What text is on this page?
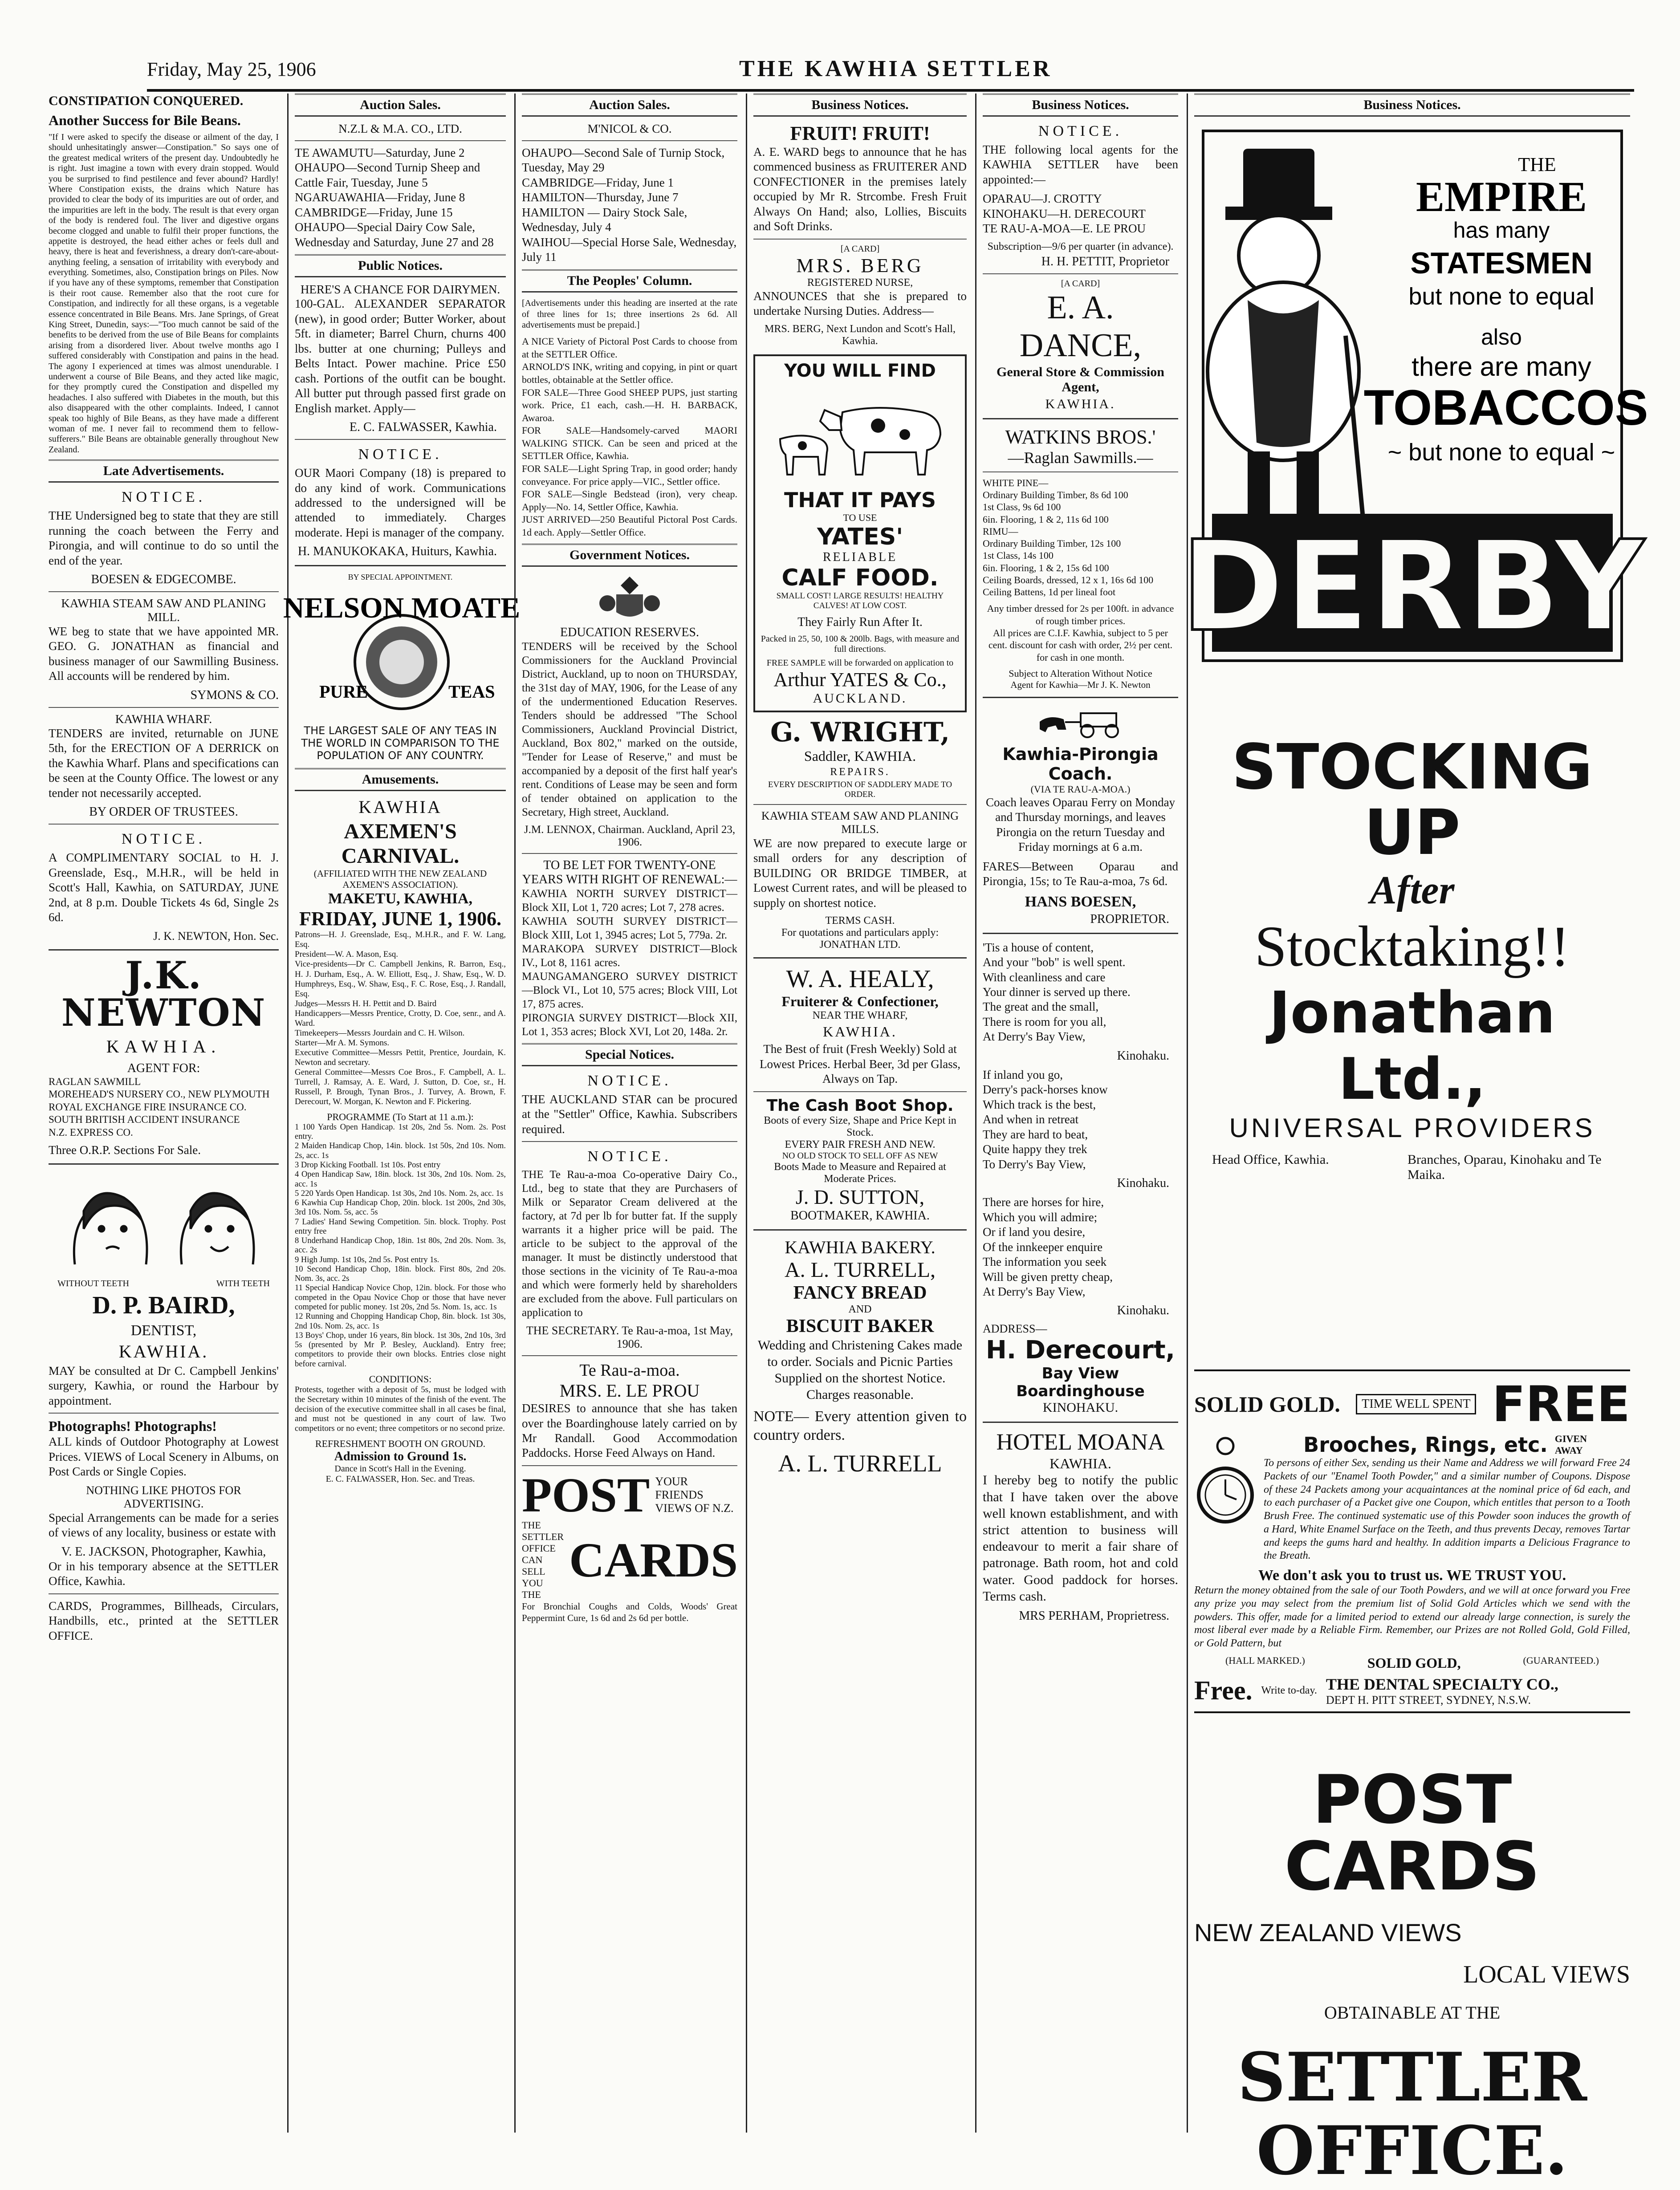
Friday, May 25, 1906	THE KAWHIA SETTLER
CONSTIPATION CONQUERED.
Another Success for Bile Beans.

"If I were asked to specify the disease or ailment of the day, I should unhesitatingly answer—Constipation." So says one of the greatest medical writers of the present day. Undoubtedly he is right. Just imagine a town with every drain stopped. Would you be surprised to find pestilence and fever abound? Hardly! Where Constipation exists, the drains which Nature has provided to clear the body of its impurities are out of order, and the impurities are left in the body. The result is that every organ of the body is rendered foul. The liver and digestive organs become clogged and unable to fulfil their proper functions, the appetite is destroyed, the head either aches or feels dull and heavy, there is heat and feverishness, a dreary don't-care-about-anything feeling, a sensation of irritability with everybody and everything. Sometimes, also, Constipation brings on Piles. Now if you have any of these symptoms, remember that Constipation is their root cause. Remember also that the root cure for Constipation, and indirectly for all these organs, is a vegetable essence concentrated in Bile Beans. Mrs. Jane Springs, of Great King Street, Dunedin, says:—"Too much cannot be said of the benefits to be derived from the use of Bile Beans for complaints arising from a disordered liver. About twelve months ago I suffered considerably with Constipation and pains in the head. The agony I experienced at times was almost unendurable. I underwent a course of Bile Beans, and they acted like magic, for they promptly cured the Constipation and dispelled my headaches. I also suffered with Diabetes in the mouth, but this also disappeared with the other complaints. Indeed, I cannot speak too highly of Bile Beans, as they have made a different woman of me. I never fail to recommend them to fellow-sufferers." Bile Beans are obtainable generally throughout New Zealand.

Late Advertisements.
NOTICE.

THE Undersigned beg to state that they are still running the coach between the Ferry and Pirongia, and will continue to do so until the end of the year.

BOESEN & EDGECOMBE.
KAWHIA STEAM SAW AND PLANING MILL.

WE beg to state that we have appointed MR. GEO. G. JONATHAN as financial and business manager of our Sawmilling Business. All accounts will be rendered by him.

SYMONS & CO.
KAWHIA WHARF.

TENDERS are invited, returnable on JUNE 5th, for the ERECTION OF A DERRICK on the Kawhia Wharf. Plans and specifications can be seen at the County Office. The lowest or any tender not necessarily accepted.

BY ORDER OF TRUSTEES.
NOTICE.

A COMPLIMENTARY SOCIAL to H. J. Greenslade, Esq., M.H.R., will be held in Scott's Hall, Kawhia, on SATURDAY, JUNE 2nd, at 8 p.m. Double Tickets 4s 6d, Single 2s 6d.

J. K. NEWTON, Hon. Sec.
J.K. NEWTON
KAWHIA.
AGENT FOR:

RAGLAN SAWMILL
MOREHEAD'S NURSERY CO., NEW PLYMOUTH
ROYAL EXCHANGE FIRE INSURANCE CO.
SOUTH BRITISH ACCIDENT INSURANCE
N.Z. EXPRESS CO.

Three O.R.P. Sections For Sale.
WITHOUT TEETH	WITH TEETH
D. P. BAIRD,
DENTIST,
KAWHIA.

MAY be consulted at Dr C. Campbell Jenkins' surgery, Kawhia, or round the Harbour by appointment.

Photographs! Photographs!

ALL kinds of Outdoor Photography at Lowest Prices. VIEWS of Local Scenery in Albums, on Post Cards or Single Copies.

NOTHING LIKE PHOTOS FOR ADVERTISING.

Special Arrangements can be made for a series of views of any locality, business or estate with

V. E. JACKSON, Photographer, Kawhia,

Or in his temporary absence at the SETTLER Office, Kawhia.

CARDS, Programmes, Billheads, Circulars, Handbills, etc., printed at the SETTLER OFFICE.

Auction Sales.
N.Z.L & M.A. CO., LTD.

TE AWAMUTU—Saturday, June 2
OHAUPO—Second Turnip Sheep and Cattle Fair, Tuesday, June 5
NGARUAWAHIA—Friday, June 8
CAMBRIDGE—Friday, June 15
OHAUPO—Special Dairy Cow Sale, Wednesday and Saturday, June 27 and 28

Public Notices.
HERE'S A CHANCE FOR DAIRYMEN.

100-GAL. ALEXANDER SEPARATOR (new), in good order; Butter Worker, about 5ft. in diameter; Barrel Churn, churns 400 lbs. butter at one churning; Pulleys and Belts Intact. Power machine. Price £50 cash. Portions of the outfit can be bought. All butter put through passed first grade on English market. Apply—

E. C. FALWASSER, Kawhia.
NOTICE.

OUR Maori Company (18) is prepared to do any kind of work. Communications addressed to the undersigned will be attended to immediately. Charges moderate. Hepi is manager of the company.

H. MANUKOKAKA, Huiturs, Kawhia.
BY SPECIAL APPOINTMENT.
NELSON MOATE
PURE	TEAS
THE LARGEST SALE OF ANY TEAS IN THE WORLD IN COMPARISON TO THE POPULATION OF ANY COUNTRY.
Amusements.
KAWHIA
AXEMEN'S CARNIVAL.
(AFFILIATED WITH THE NEW ZEALAND AXEMEN'S ASSOCIATION).
MAKETU, KAWHIA,
FRIDAY, JUNE 1, 1906.

Patrons—H. J. Greenslade, Esq., M.H.R., and F. W. Lang, Esq.
President—W. A. Mason, Esq.
Vice-presidents—Dr C. Campbell Jenkins, R. Barron, Esq., H. J. Durham, Esq., A. W. Elliott, Esq., J. Shaw, Esq., W. D. Humphreys, Esq., W. Shaw, Esq., F. C. Rose, Esq., J. Randall, Esq.
Judges—Messrs H. H. Pettit and D. Baird
Handicappers—Messrs Prentice, Crotty, D. Coe, senr., and A. Ward.
Timekeepers—Messrs Jourdain and C. H. Wilson.
Starter—Mr A. M. Symons.
Executive Committee—Messrs Pettit, Prentice, Jourdain, K. Newton and secretary.
General Committee—Messrs Coe Bros., F. Campbell, A. L. Turrell, J. Ramsay, A. E. Ward, J. Sutton, D. Coe, sr., H. Russell, P. Brough, Tynan Bros., J. Turvey, A. Brown, F. Derecourt, W. Morgan, K. Newton and F. Pickering.

PROGRAMME (To Start at 11 a.m.):

1 100 Yards Open Handicap. 1st 20s, 2nd 5s. Nom. 2s. Post entry.
2 Maiden Handicap Chop, 14in. block. 1st 50s, 2nd 10s. Nom. 2s, acc. 1s
3 Drop Kicking Football. 1st 10s. Post entry
4 Open Handicap Saw, 18in. block. 1st 30s, 2nd 10s. Nom. 2s, acc. 1s
5 220 Yards Open Handicap. 1st 30s, 2nd 10s. Nom. 2s, acc. 1s
6 Kawhia Cup Handicap Chop, 20in. block. 1st 200s, 2nd 30s, 3rd 10s. Nom. 5s, acc. 5s
7 Ladies' Hand Sewing Competition. 5in. block. Trophy. Post entry free
8 Underhand Handicap Chop, 18in. 1st 80s, 2nd 20s. Nom. 3s, acc. 2s
9 High Jump. 1st 10s, 2nd 5s. Post entry 1s.
10 Second Handicap Chop, 18in. block. First 80s, 2nd 20s. Nom. 3s, acc. 2s
11 Special Handicap Novice Chop, 12in. block. For those who competed in the Opau Novice Chop or those that have never competed for public money. 1st 20s, 2nd 5s. Nom. 1s, acc. 1s
12 Running and Chopping Handicap Chop, 8in. block. 1st 30s, 2nd 10s. Nom. 2s, acc. 1s
13 Boys' Chop, under 16 years, 8in block. 1st 30s, 2nd 10s, 3rd 5s (presented by Mr P. Besley, Auckland). Entry free; competitors to provide their own blocks. Entries close night before carnival.

CONDITIONS:

Protests, together with a deposit of 5s, must be lodged with the Secretary within 10 minutes of the finish of the event. The decision of the executive committee shall in all cases be final, and must not be questioned in any court of law. Two competitors or no event; three competitors or no second prize.

REFRESHMENT BOOTH ON GROUND.
Admission to Ground 1s.
Dance in Scott's Hall in the Evening.
E. C. FALWASSER, Hon. Sec. and Treas.
Auction Sales.
M'NICOL & CO.

OHAUPO—Second Sale of Turnip Stock, Tuesday, May 29
CAMBRIDGE—Friday, June 1
HAMILTON—Thursday, June 7
HAMILTON — Dairy Stock Sale, Wednesday, July 4
WAIHOU—Special Horse Sale, Wednesday, July 11

The Peoples' Column.

[Advertisements under this heading are inserted at the rate of three lines for 1s; three insertions 2s 6d. All advertisements must be prepaid.]

A NICE Variety of Pictoral Post Cards to choose from at the SETTLER Office.
ARNOLD'S INK, writing and copying, in pint or quart bottles, obtainable at the Settler office.
FOR SALE—Three Good SHEEP PUPS, just starting work. Price, £1 each, cash.—H. H. BARBACK, Awaroa.
FOR SALE—Handsomely-carved MAORI WALKING STICK. Can be seen and priced at the SETTLER Office, Kawhia.
FOR SALE—Light Spring Trap, in good order; handy conveyance. For price apply—VIC., Settler office.
FOR SALE—Single Bedstead (iron), very cheap. Apply—No. 14, Settler Office, Kawhia.
JUST ARRIVED—250 Beautiful Pictoral Post Cards. 1d each. Apply—Settler Office.

Government Notices.
EDUCATION RESERVES.

TENDERS will be received by the School Commissioners for the Auckland Provincial District, Auckland, up to noon on THURSDAY, the 31st day of MAY, 1906, for the Lease of any of the undermentioned Education Reserves. Tenders should be addressed "The School Commissioners, Auckland Provincial District, Auckland, Box 802," marked on the outside, "Tender for Lease of Reserve," and must be accompanied by a deposit of the first half year's rent. Conditions of Lease may be seen and form of tender obtained on application to the Secretary, High street, Auckland.

J.M. LENNOX, Chairman. Auckland, April 23, 1906.
TO BE LET FOR TWENTY-ONE YEARS WITH RIGHT OF RENEWAL:—

KAWHIA NORTH SURVEY DISTRICT—Block XII, Lot 1, 720 acres; Lot 7, 278 acres.
KAWHIA SOUTH SURVEY DISTRICT—Block XIII, Lot 1, 3945 acres; Lot 5, 779a. 2r.
MARAKOPA SURVEY DISTRICT—Block IV., Lot 8, 1161 acres.
MAUNGAMANGERO SURVEY DISTRICT—Block VI., Lot 10, 575 acres; Block VIII, Lot 17, 875 acres.
PIRONGIA SURVEY DISTRICT—Block XII, Lot 1, 353 acres; Block XVI, Lot 20, 148a. 2r.

Special Notices.
NOTICE.

THE AUCKLAND STAR can be procured at the "Settler" Office, Kawhia. Subscribers required.

NOTICE.

THE Te Rau-a-moa Co-operative Dairy Co., Ltd., beg to state that they are Purchasers of Milk or Separator Cream delivered at the factory, at 7d per lb for butter fat. If the supply warrants it a higher price will be paid. The article to be subject to the approval of the manager. It must be distinctly understood that those sections in the vicinity of Te Rau-a-moa and which were formerly held by shareholders are excluded from the above. Full particulars on application to

THE SECRETARY. Te Rau-a-moa, 1st May, 1906.
Te Rau-a-moa.
MRS. E. LE PROU

DESIRES to announce that she has taken over the Boardinghouse lately carried on by Mr Randall. Good Accommodation Paddocks. Horse Feed Always on Hand.

POST YOUR FRIENDS VIEWS OF N.Z.
THE SETTLER OFFICE CAN SELL YOU THE
CARDS

For Bronchial Coughs and Colds, Woods' Great Peppermint Cure, 1s 6d and 2s 6d per bottle.

Business Notices.
FRUIT! FRUIT!

A. E. WARD begs to announce that he has commenced business as FRUITERER AND CONFECTIONER in the premises lately occupied by Mr R. Strcombe. Fresh Fruit Always On Hand; also, Lollies, Biscuits and Soft Drinks.

[A CARD]
MRS. BERG
REGISTERED NURSE,

ANNOUNCES that she is prepared to undertake Nursing Duties. Address—

MRS. BERG, Next Lundon and Scott's Hall, Kawhia.
YOU WILL FIND
THAT IT PAYS
TO USE
YATES'
RELIABLE
CALF FOOD.
SMALL COST! LARGE RESULTS! HEALTHY CALVES! AT LOW COST.
They Fairly Run After It.
Packed in 25, 50, 100 & 200lb. Bags, with measure and full directions.
FREE SAMPLE will be forwarded on application to
Arthur YATES & Co.,
AUCKLAND.
G. WRIGHT,
Saddler, KAWHIA.
REPAIRS.
EVERY DESCRIPTION OF SADDLERY MADE TO ORDER.
KAWHIA STEAM SAW AND PLANING MILLS.

WE are now prepared to execute large or small orders for any description of BUILDING OR BRIDGE TIMBER, at Lowest Current rates, and will be pleased to supply on shortest notice.

TERMS CASH.
For quotations and particulars apply: JONATHAN LTD.
W. A. HEALY,
Fruiterer & Confectioner,
NEAR THE WHARF,
KAWHIA.

The Best of fruit (Fresh Weekly) Sold at Lowest Prices. Herbal Beer, 3d per Glass, Always on Tap.

The Cash Boot Shop.
Boots of every Size, Shape and Price Kept in Stock.
EVERY PAIR FRESH AND NEW.
NO OLD STOCK TO SELL OFF AS NEW
Boots Made to Measure and Repaired at Moderate Prices.
J. D. SUTTON,
BOOTMAKER, KAWHIA.
KAWHIA BAKERY.
A. L. TURRELL,
FANCY BREAD
AND
BISCUIT BAKER

Wedding and Christening Cakes made to order. Socials and Picnic Parties Supplied on the shortest Notice. Charges reasonable.

NOTE— Every attention given to country orders.

A. L. TURRELL
Business Notices.
NOTICE.

THE following local agents for the KAWHIA SETTLER have been appointed:—

OPARAU—J. CROTTY
KINOHAKU—H. DERECOURT
TE RAU-A-MOA—E. LE PROU

Subscription—9/6 per quarter (in advance).
H. H. PETTIT, Proprietor
[A CARD]
E. A. DANCE,
General Store & Commission Agent,
KAWHIA.
WATKINS BROS.'
—Raglan Sawmills.—

WHITE PINE—
Ordinary Building Timber, 8s 6d 100
1st Class, 9s 6d 100
6in. Flooring, 1 & 2, 11s 6d 100
RIMU—
Ordinary Building Timber, 12s 100
1st Class, 14s 100
6in. Flooring, 1 & 2, 15s 6d 100
Ceiling Boards, dressed, 12 x 1, 16s 6d 100
Ceiling Battens, 1d per lineal foot

Any timber dressed for 2s per 100ft. in advance of rough timber prices.
All prices are C.I.F. Kawhia, subject to 5 per cent. discount for cash with order, 2½ per cent. for cash in one month.

Subject to Alteration Without Notice
Agent for Kawhia—Mr J. K. Newton
Kawhia-Pirongia Coach.
(VIA TE RAU-A-MOA.)

Coach leaves Oparau Ferry on Monday and Thursday mornings, and leaves Pirongia on the return Tuesday and Friday mornings at 6 a.m.

FARES—Between Oparau and Pirongia, 15s; to Te Rau-a-moa, 7s 6d.

HANS BOESEN,
PROPRIETOR.

'Tis a house of content,
And your "bob" is well spent.
With cleanliness and care
Your dinner is served up there.
The great and the small,
There is room for you all,
At Derry's Bay View,

Kinohaku.

If inland you go,
Derry's pack-horses know
Which track is the best,
And when in retreat
They are hard to beat,
Quite happy they trek
To Derry's Bay View,

Kinohaku.

There are horses for hire,
Which you will admire;
Or if land you desire,
Of the innkeeper enquire
The information you seek
Will be given pretty cheap,
At Derry's Bay View,

Kinohaku.
ADDRESS—
H. Derecourt,
Bay View Boardinghouse
KINOHAKU.
HOTEL MOANA
KAWHIA.

I hereby beg to notify the public that I have taken over the above well known establishment, and with strict attention to business will endeavour to merit a fair share of patronage. Bath room, hot and cold water. Good paddock for horses. Terms cash.

MRS PERHAM, Proprietress.
Business Notices.
THE
EMPIRE
has many
STATESMEN
but none to equal
also
there are many
TOBACCOS
~ but none to equal ~
DERBY
STOCKING
UP
After
Stocktaking!!
Jonathan Ltd.,
UNIVERSAL PROVIDERS
Head Office, Kawhia.	Branches, Oparau, Kinohaku and Te Maika.
SOLID GOLD.	TIME WELL SPENT FREE
Brooches, Rings, etc. GIVEN AWAY

To persons of either Sex, sending us their Name and Address we will forward Free 24 Packets of our "Enamel Tooth Powder," and a similar number of Coupons. Dispose of these 24 Packets among your acquaintances at the nominal price of 6d each, and to each purchaser of a Packet give one Coupon, which entitles that person to a Tooth Brush Free. The continued systematic use of this Powder soon induces the growth of a Hard, White Enamel Surface on the Teeth, and thus prevents Decay, removes Tartar and keeps the gums hard and healthy. In addition imparts a Delicious Fragrance to the Breath.

We don't ask you to trust us. WE TRUST YOU.

Return the money obtained from the sale of our Tooth Powders, and we will at once forward you Free any prize you may select from the premium list of Solid Gold Articles which we send with the powders. This offer, made for a limited period to extend our already large connection, is surely the most liberal ever made by a Reliable Firm. Remember, our Prizes are not Rolled Gold, Gold Filled, or Gold Pattern, but

(HALL MARKED.)	SOLID GOLD,	(GUARANTEED.)
Free. Write to-day. THE DENTAL SPECIALTY CO.,
DEPT H. PITT STREET, SYDNEY, N.S.W.
POST CARDS
NEW ZEALAND VIEWS
LOCAL VIEWS
OBTAINABLE AT THE
SETTLER OFFICE.
